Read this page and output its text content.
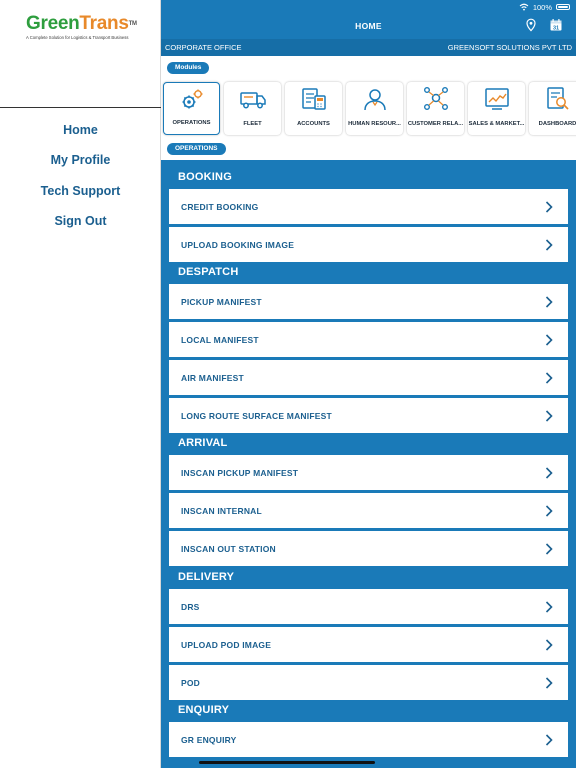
GreenTrans™
A Complete Solution for Logistics & Transport Business
Home
My Profile
Tech Support
Sign Out
100%
HOME	31
CORPORATE OFFICE	GREENSOFT SOLUTIONS PVT LTD
Modules
OPERATIONS	FLEET	ACCOUNTS	HUMAN RESOUR...	CUSTOMER RELA... SALES & MARKET...	DASHBOARD
OPERATIONS
BOOKING
CREDIT BOOKING
UPLOAD BOOKING IMAGE
DESPATCH
PICKUP MANIFEST
LOCAL MANIFEST
AIR MANIFEST
LONG ROUTE SURFACE MANIFEST
ARRIVAL
INSCAN PICKUP MANIFEST
INSCAN INTERNAL
INSCAN OUT STATION
DELIVERY
DRS
UPLOAD POD IMAGE
POD
ENQUIRY
GR ENQUIRY
